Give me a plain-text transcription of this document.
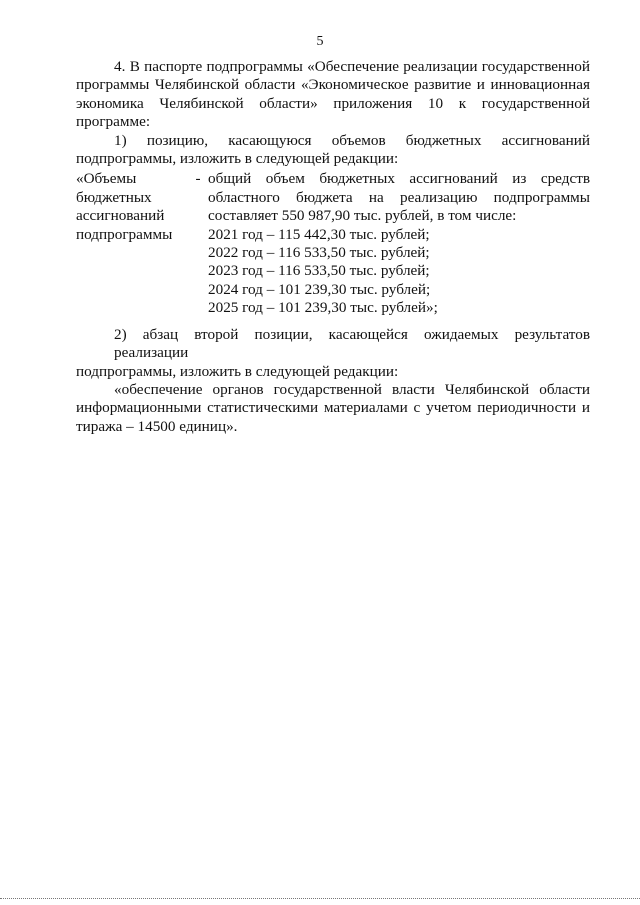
5

4. В паспорте подпрограммы «Обеспечение реализации государственной

программы Челябинской области «Экономическое развитие и инновационная

экономика Челябинской области» приложения 10 к государственной

программе:

1) позицию, касающуюся объемов бюджетных ассигнований

подпрограммы, изложить в следующей редакции:

«Объемы
бюджетных
ассигнований
подпрограммы
- общий объем бюджетных ассигнований из средств

областного бюджета на реализацию подпрограммы

составляет 550 987,90 тыс. рублей, в том числе:

2021 год – 115 442,30 тыс. рублей;

2022 год – 116 533,50 тыс. рублей;

2023 год – 116 533,50 тыс. рублей;

2024 год – 101 239,30 тыс. рублей;

2025 год – 101 239,30 тыс. рублей»;

2) абзац второй позиции, касающейся ожидаемых результатов реализации

подпрограммы, изложить в следующей редакции:

«обеспечение органов государственной власти Челябинской области

информационными статистическими материалами с учетом периодичности и

тиража – 14500 единиц».
